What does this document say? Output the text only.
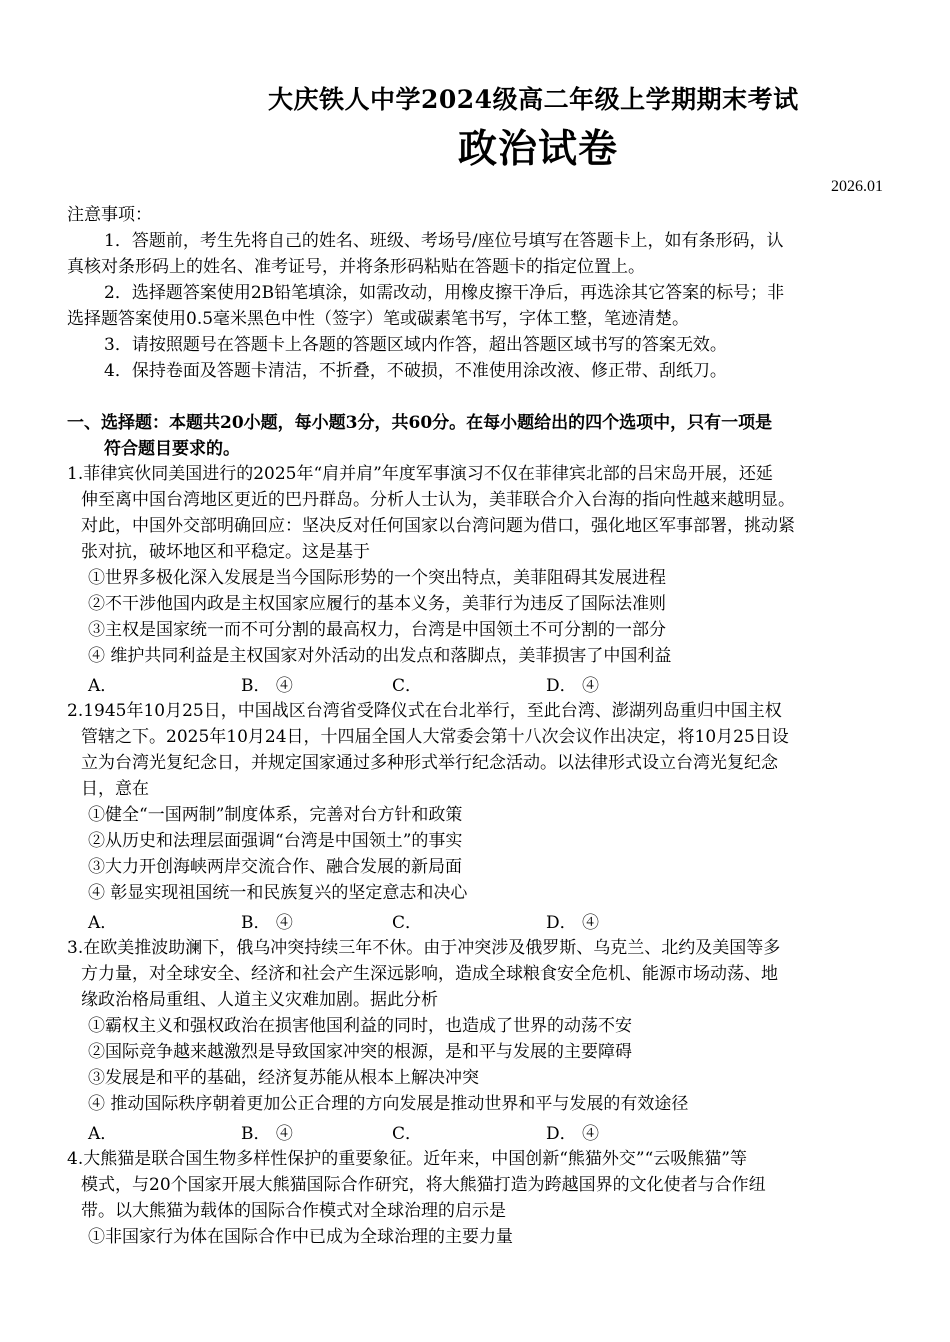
大庆铁人中学2024级高二年级上学期期末考试
政治试卷
2026.01
注意事项：
1．答题前，考生先将自己的姓名、班级、考场号/座位号填写在答题卡上，如有条形码，认
真核对条形码上的姓名、准考证号，并将条形码粘贴在答题卡的指定位置上。
2．选择题答案使用2B铅笔填涂，如需改动，用橡皮擦干净后，再选涂其它答案的标号；非
选择题答案使用0.5毫米黑色中性（签字）笔或碳素笔书写，字体工整，笔迹清楚。
3．请按照题号在答题卡上各题的答题区域内作答，超出答题区域书写的答案无效。
4．保持卷面及答题卡清洁，不折叠，不破损，不准使用涂改液、修正带、刮纸刀。
一、选择题：本题共20小题，每小题3分，共60分。在每小题给出的四个选项中，只有一项是
符合题目要求的。
1.菲律宾伙同美国进行的2025年“肩并肩”年度军事演习不仅在菲律宾北部的吕宋岛开展，还延
伸至离中国台湾地区更近的巴丹群岛。分析人士认为，美菲联合介入台海的指向性越来越明显。
对此，中国外交部明确回应：坚决反对任何国家以台湾问题为借口，强化地区军事部署，挑动紧
张对抗，破坏地区和平稳定。这是基于
①世界多极化深入发展是当今国际形势的一个突出特点，美菲阻碍其发展进程
②不干涉他国内政是主权国家应履行的基本义务，美菲行为违反了国际法准则
③主权是国家统一而不可分割的最高权力，台湾是中国领土不可分割的一部分
④ 维护共同利益是主权国家对外活动的出发点和落脚点，美菲损害了中国利益
A．	B． ④	C．	D． ④
2.1945年10月25日，中国战区台湾省受降仪式在台北举行，至此台湾、澎湖列岛重归中国主权
管辖之下。2025年10月24日，十四届全国人大常委会第十八次会议作出决定，将10月25日设
立为台湾光复纪念日，并规定国家通过多种形式举行纪念活动。以法律形式设立台湾光复纪念
日，意在
①健全“一国两制”制度体系，完善对台方针和政策
②从历史和法理层面强调“台湾是中国领土”的事实
③大力开创海峡两岸交流合作、融合发展的新局面
④ 彰显实现祖国统一和民族复兴的坚定意志和决心
A．	B． ④	C．	D． ④
3.在欧美推波助澜下，俄乌冲突持续三年不休。由于冲突涉及俄罗斯、乌克兰、北约及美国等多
方力量，对全球安全、经济和社会产生深远影响，造成全球粮食安全危机、能源市场动荡、地
缘政治格局重组、人道主义灾难加剧。据此分析
①霸权主义和强权政治在损害他国利益的同时，也造成了世界的动荡不安
②国际竞争越来越激烈是导致国家冲突的根源，是和平与发展的主要障碍
③发展是和平的基础，经济复苏能从根本上解决冲突
④ 推动国际秩序朝着更加公正合理的方向发展是推动世界和平与发展的有效途径
A．	B． ④	C．	D． ④
4.大熊猫是联合国生物多样性保护的重要象征。近年来，中国创新“熊猫外交”“云吸熊猫”等
模式，与20个国家开展大熊猫国际合作研究，将大熊猫打造为跨越国界的文化使者与合作纽
带。以大熊猫为载体的国际合作模式对全球治理的启示是
①非国家行为体在国际合作中已成为全球治理的主要力量
